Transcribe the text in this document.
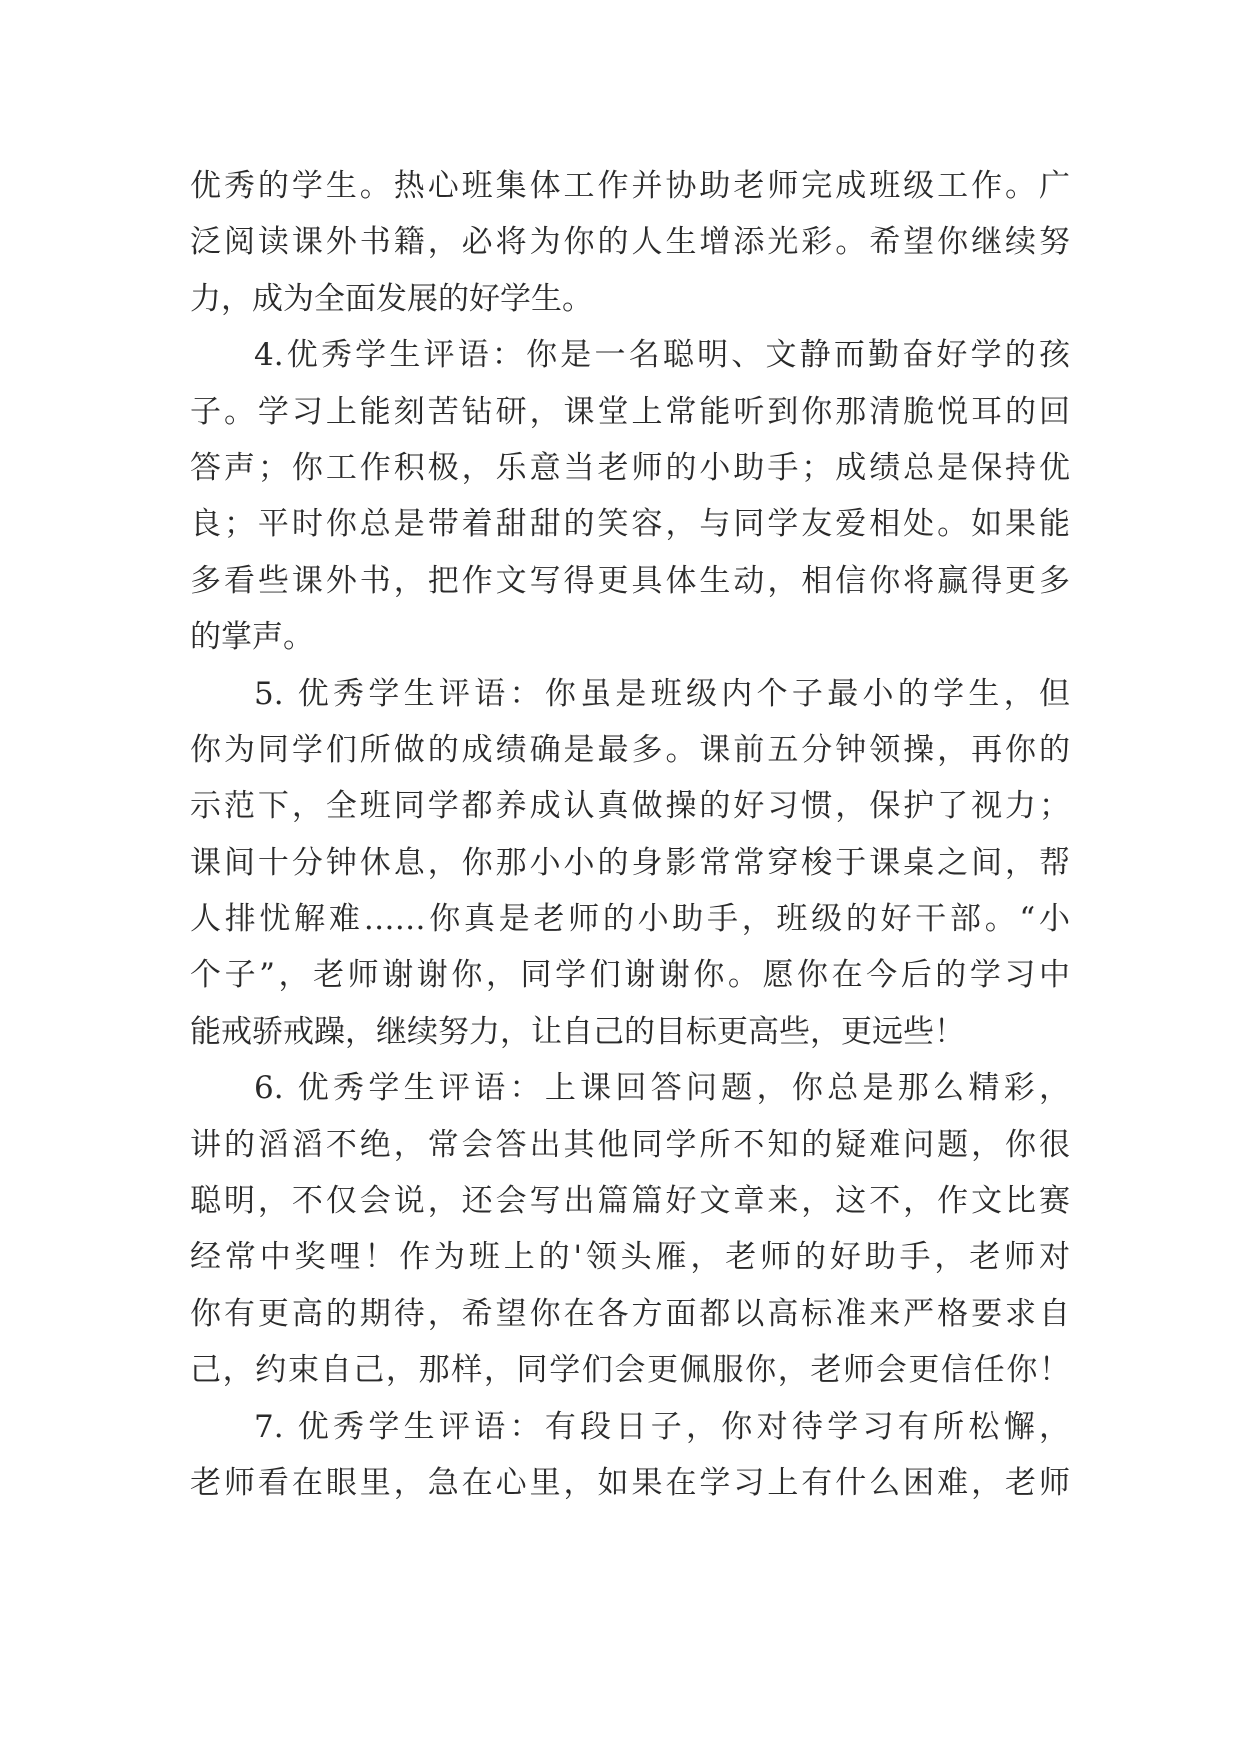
优秀的学生。热心班集体工作并协助老师完成班级工作。广
泛阅读课外书籍，必将为你的人生增添光彩。希望你继续努
力，成为全面发展的好学生。
4.优秀学生评语：你是一名聪明、文静而勤奋好学的孩
子。学习上能刻苦钻研，课堂上常能听到你那清脆悦耳的回
答声；你工作积极，乐意当老师的小助手；成绩总是保持优
良；平时你总是带着甜甜的笑容，与同学友爱相处。如果能
多看些课外书，把作文写得更具体生动，相信你将赢得更多
的掌声。
5. 优秀学生评语：你虽是班级内个子最小的学生，但
你为同学们所做的成绩确是最多。课前五分钟领操，再你的
示范下，全班同学都养成认真做操的好习惯，保护了视力；
课间十分钟休息，你那小小的身影常常穿梭于课桌之间，帮
人排忧解难……你真是老师的小助手，班级的好干部。“小
个子”，老师谢谢你，同学们谢谢你。愿你在今后的学习中
能戒骄戒躁，继续努力，让自己的目标更高些，更远些！
6. 优秀学生评语：上课回答问题，你总是那么精彩，
讲的滔滔不绝，常会答出其他同学所不知的疑难问题，你很
聪明，不仅会说，还会写出篇篇好文章来，这不，作文比赛
经常中奖哩！作为班上的'领头雁，老师的好助手，老师对
你有更高的期待，希望你在各方面都以高标准来严格要求自
己，约束自己，那样，同学们会更佩服你，老师会更信任你！
7. 优秀学生评语：有段日子，你对待学习有所松懈，
老师看在眼里，急在心里，如果在学习上有什么困难，老师
